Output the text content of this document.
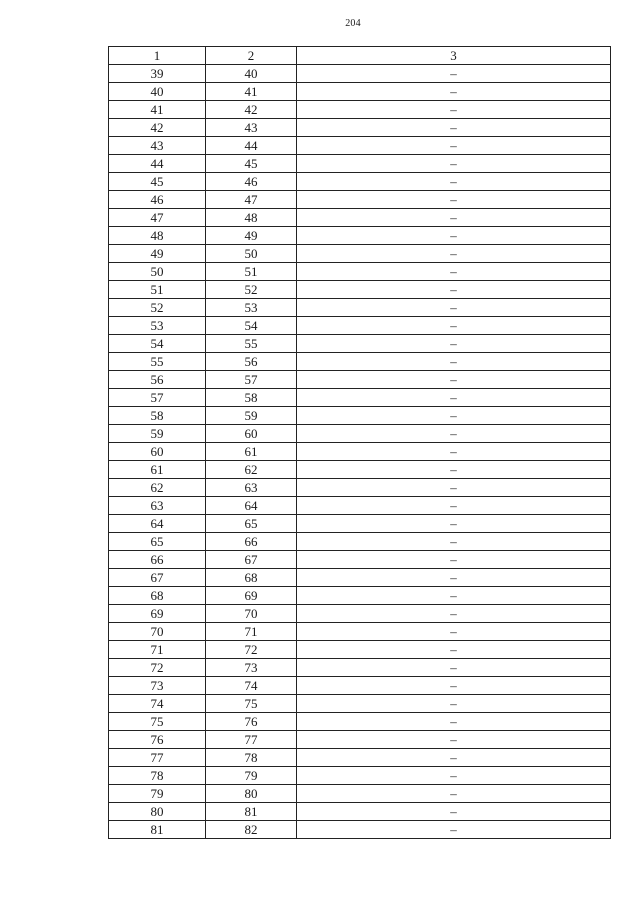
204
1	2	3
39	40	–
40	41	–
41	42	–
42	43	–
43	44	–
44	45	–
45	46	–
46	47	–
47	48	–
48	49	–
49	50	–
50	51	–
51	52	–
52	53	–
53	54	–
54	55	–
55	56	–
56	57	–
57	58	–
58	59	–
59	60	–
60	61	–
61	62	–
62	63	–
63	64	–
64	65	–
65	66	–
66	67	–
67	68	–
68	69	–
69	70	–
70	71	–
71	72	–
72	73	–
73	74	–
74	75	–
75	76	–
76	77	–
77	78	–
78	79	–
79	80	–
80	81	–
81	82	–
